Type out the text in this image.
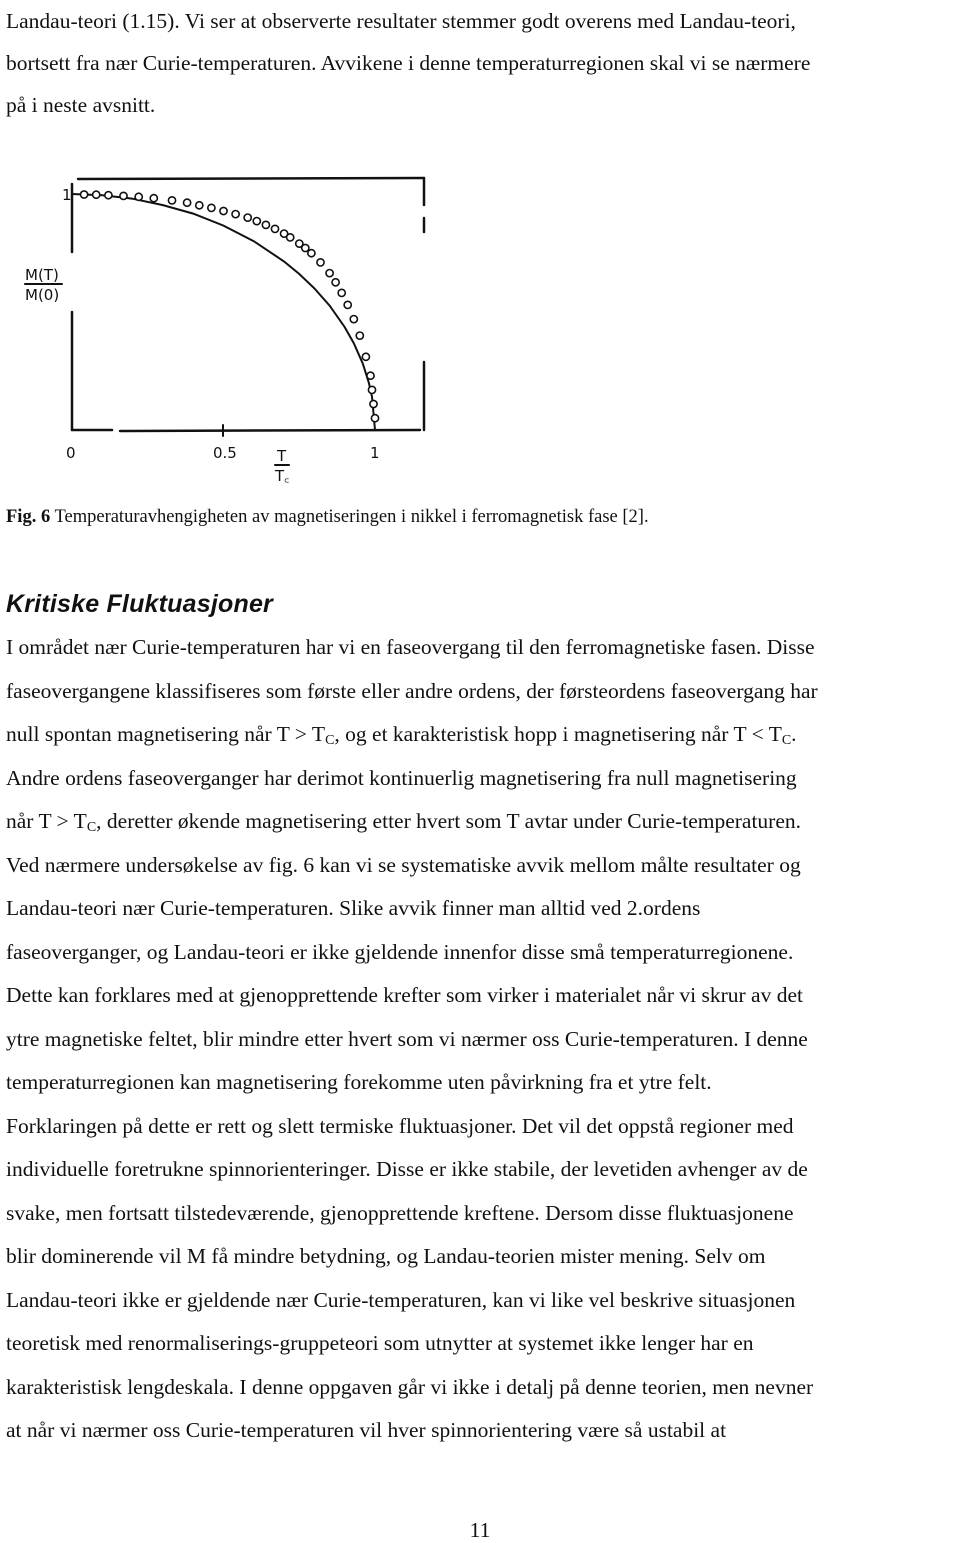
Landau-teori (1.15). Vi ser at observerte resultater stemmer godt overens med Landau-teori,
bortsett fra nær Curie-temperaturen. Avvikene i denne temperaturregionen skal vi se nærmere
på i neste avsnitt.
1
M(T)
M(0)
0	0.5	1
T
T꜀
Fig. 6 Temperaturavhengigheten av magnetiseringen i nikkel i ferromagnetisk fase [2].
Kritiske Fluktuasjoner
I området nær Curie-temperaturen har vi en faseovergang til den ferromagnetiske fasen. Disse
faseovergangene klassifiseres som første eller andre ordens, der førsteordens faseovergang har
null spontan magnetisering når $T > T_C$, og et karakteristisk hopp i magnetisering når $T < T_C$.
Andre ordens faseoverganger har derimot kontinuerlig magnetisering fra null magnetisering
når $T > T_C$, deretter økende magnetisering etter hvert som T avtar under Curie-temperaturen.
Ved nærmere undersøkelse av fig. 6 kan vi se systematiske avvik mellom målte resultater og
Landau-teori nær Curie-temperaturen. Slike avvik finner man alltid ved 2.ordens
faseoverganger, og Landau-teori er ikke gjeldende innenfor disse små temperaturregionene.
Dette kan forklares med at gjenopprettende krefter som virker i materialet når vi skrur av det
ytre magnetiske feltet, blir mindre etter hvert som vi nærmer oss Curie-temperaturen. I denne
temperaturregionen kan magnetisering forekomme uten påvirkning fra et ytre felt.
Forklaringen på dette er rett og slett termiske fluktuasjoner. Det vil det oppstå regioner med
individuelle foretrukne spinnorienteringer. Disse er ikke stabile, der levetiden avhenger av de
svake, men fortsatt tilstedeværende, gjenopprettende kreftene. Dersom disse fluktuasjonene
blir dominerende vil M få mindre betydning, og Landau-teorien mister mening. Selv om
Landau-teori ikke er gjeldende nær Curie-temperaturen, kan vi like vel beskrive situasjonen
teoretisk med renormaliserings-gruppeteori som utnytter at systemet ikke lenger har en
karakteristisk lengdeskala. I denne oppgaven går vi ikke i detalj på denne teorien, men nevner
at når vi nærmer oss Curie-temperaturen vil hver spinnorientering være så ustabil at
11
